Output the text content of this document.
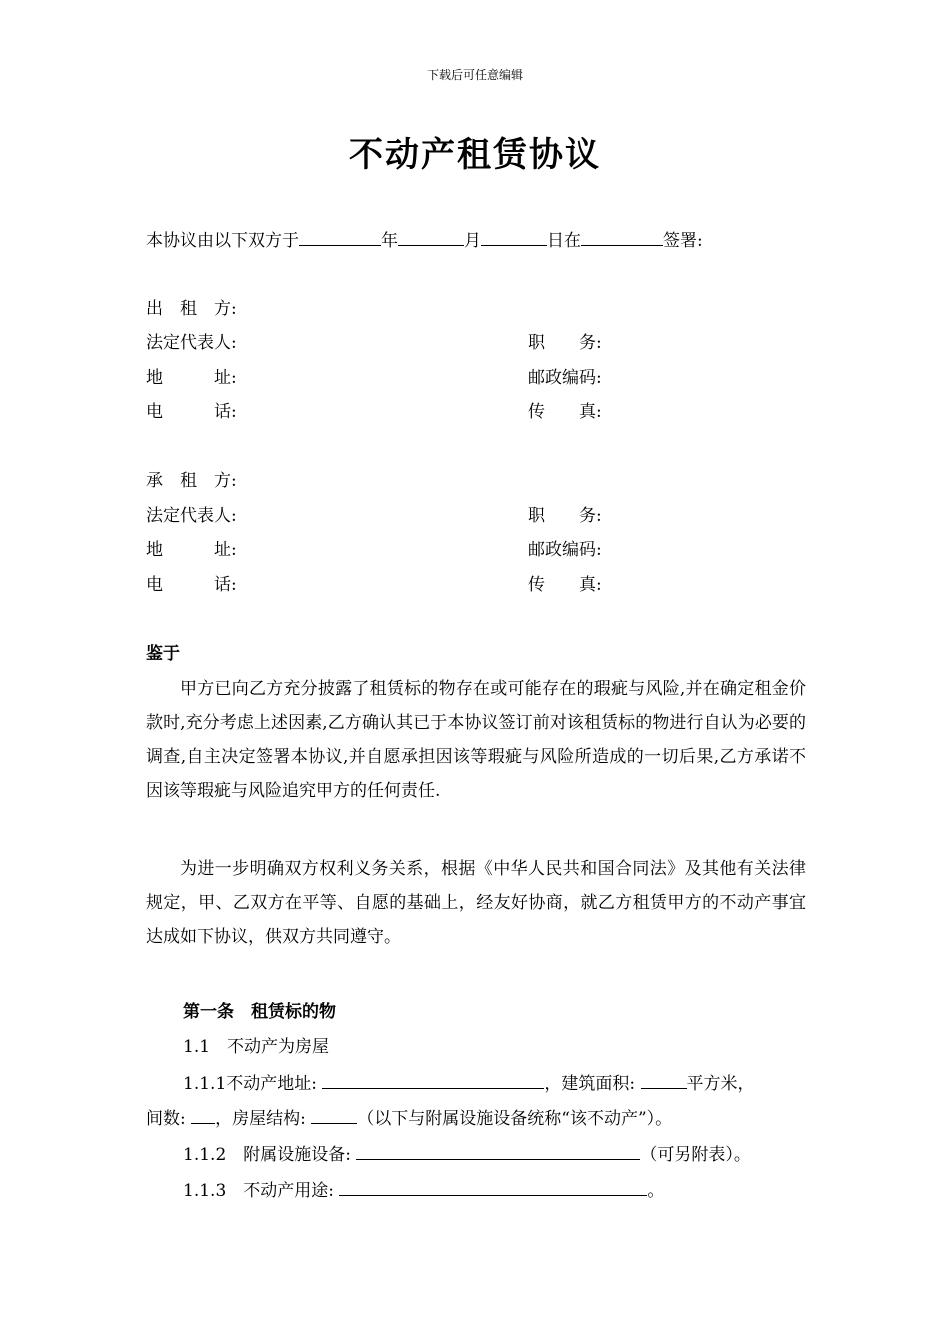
下载后可任意编辑
不动产租赁协议
本协议由以下双方于	年	月	日在	签署:
出　租　方:
法定代表人:	职　　务:
地　　　址:	邮政编码:
电　　　话:	传　　真:
承　租　方:
法定代表人:	职　　务:
地　　　址:	邮政编码:
电　　　话:	传　　真:
鉴于
甲方已向乙方充分披露了租赁标的物存在或可能存在的瑕疵与风险,并在确定租金价款时,充分考虑上述因素,乙方确认其已于本协议签订前对该租赁标的物进行自认为必要的调查,自主决定签署本协议,并自愿承担因该等瑕疵与风险所造成的一切后果,乙方承诺不因该等瑕疵与风险追究甲方的任何责任.
为进一步明确双方权利义务关系，根据《中华人民共和国合同法》及其他有关法律规定，甲、乙双方在平等、自愿的基础上，经友好协商，就乙方租赁甲方的不动产事宜达成如下协议，供双方共同遵守。
第一条　租赁标的物
1.1　不动产为房屋
1.1.1不动产地址:	，建筑面积:	平方米，
间数: ，房屋结构:	（以下与附属设施设备统称“该不动产”）。
1.1.2　附属设施设备:	（可另附表）。
1.1.3　不动产用途:	。
